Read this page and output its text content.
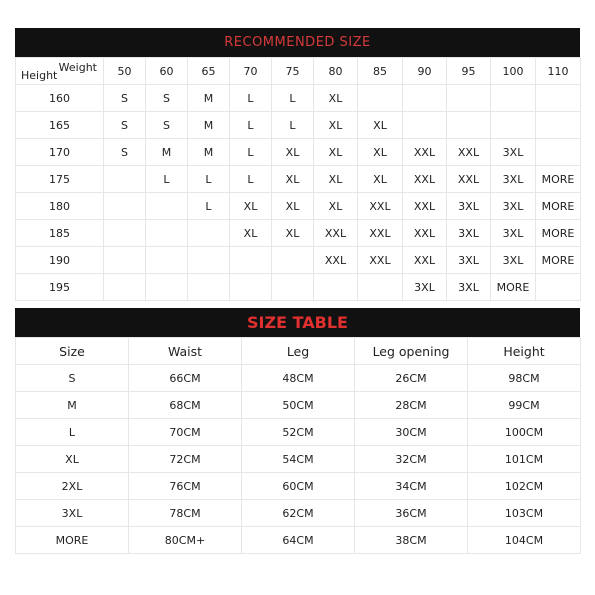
RECOMMENDED SIZE
Weight
Height	50	60	65	70	75	80	85	90	95	100	110
160	S	S	M	L	L	XL					
165	S	S	M	L	L	XL	XL				
170	S	M	M	L	XL	XL	XL	XXL	XXL	3XL	
175		L	L	L	XL	XL	XL	XXL	XXL	3XL	MORE
180			L	XL	XL	XL	XXL	XXL	3XL	3XL	MORE
185				XL	XL	XXL	XXL	XXL	3XL	3XL	MORE
190						XXL	XXL	XXL	3XL	3XL	MORE
195								3XL	3XL	MORE	
SIZE TABLE
Size	Waist	Leg	Leg opening	Height
S	66CM	48CM	26CM	98CM
M	68CM	50CM	28CM	99CM
L	70CM	52CM	30CM	100CM
XL	72CM	54CM	32CM	101CM
2XL	76CM	60CM	34CM	102CM
3XL	78CM	62CM	36CM	103CM
MORE	80CM+	64CM	38CM	104CM
